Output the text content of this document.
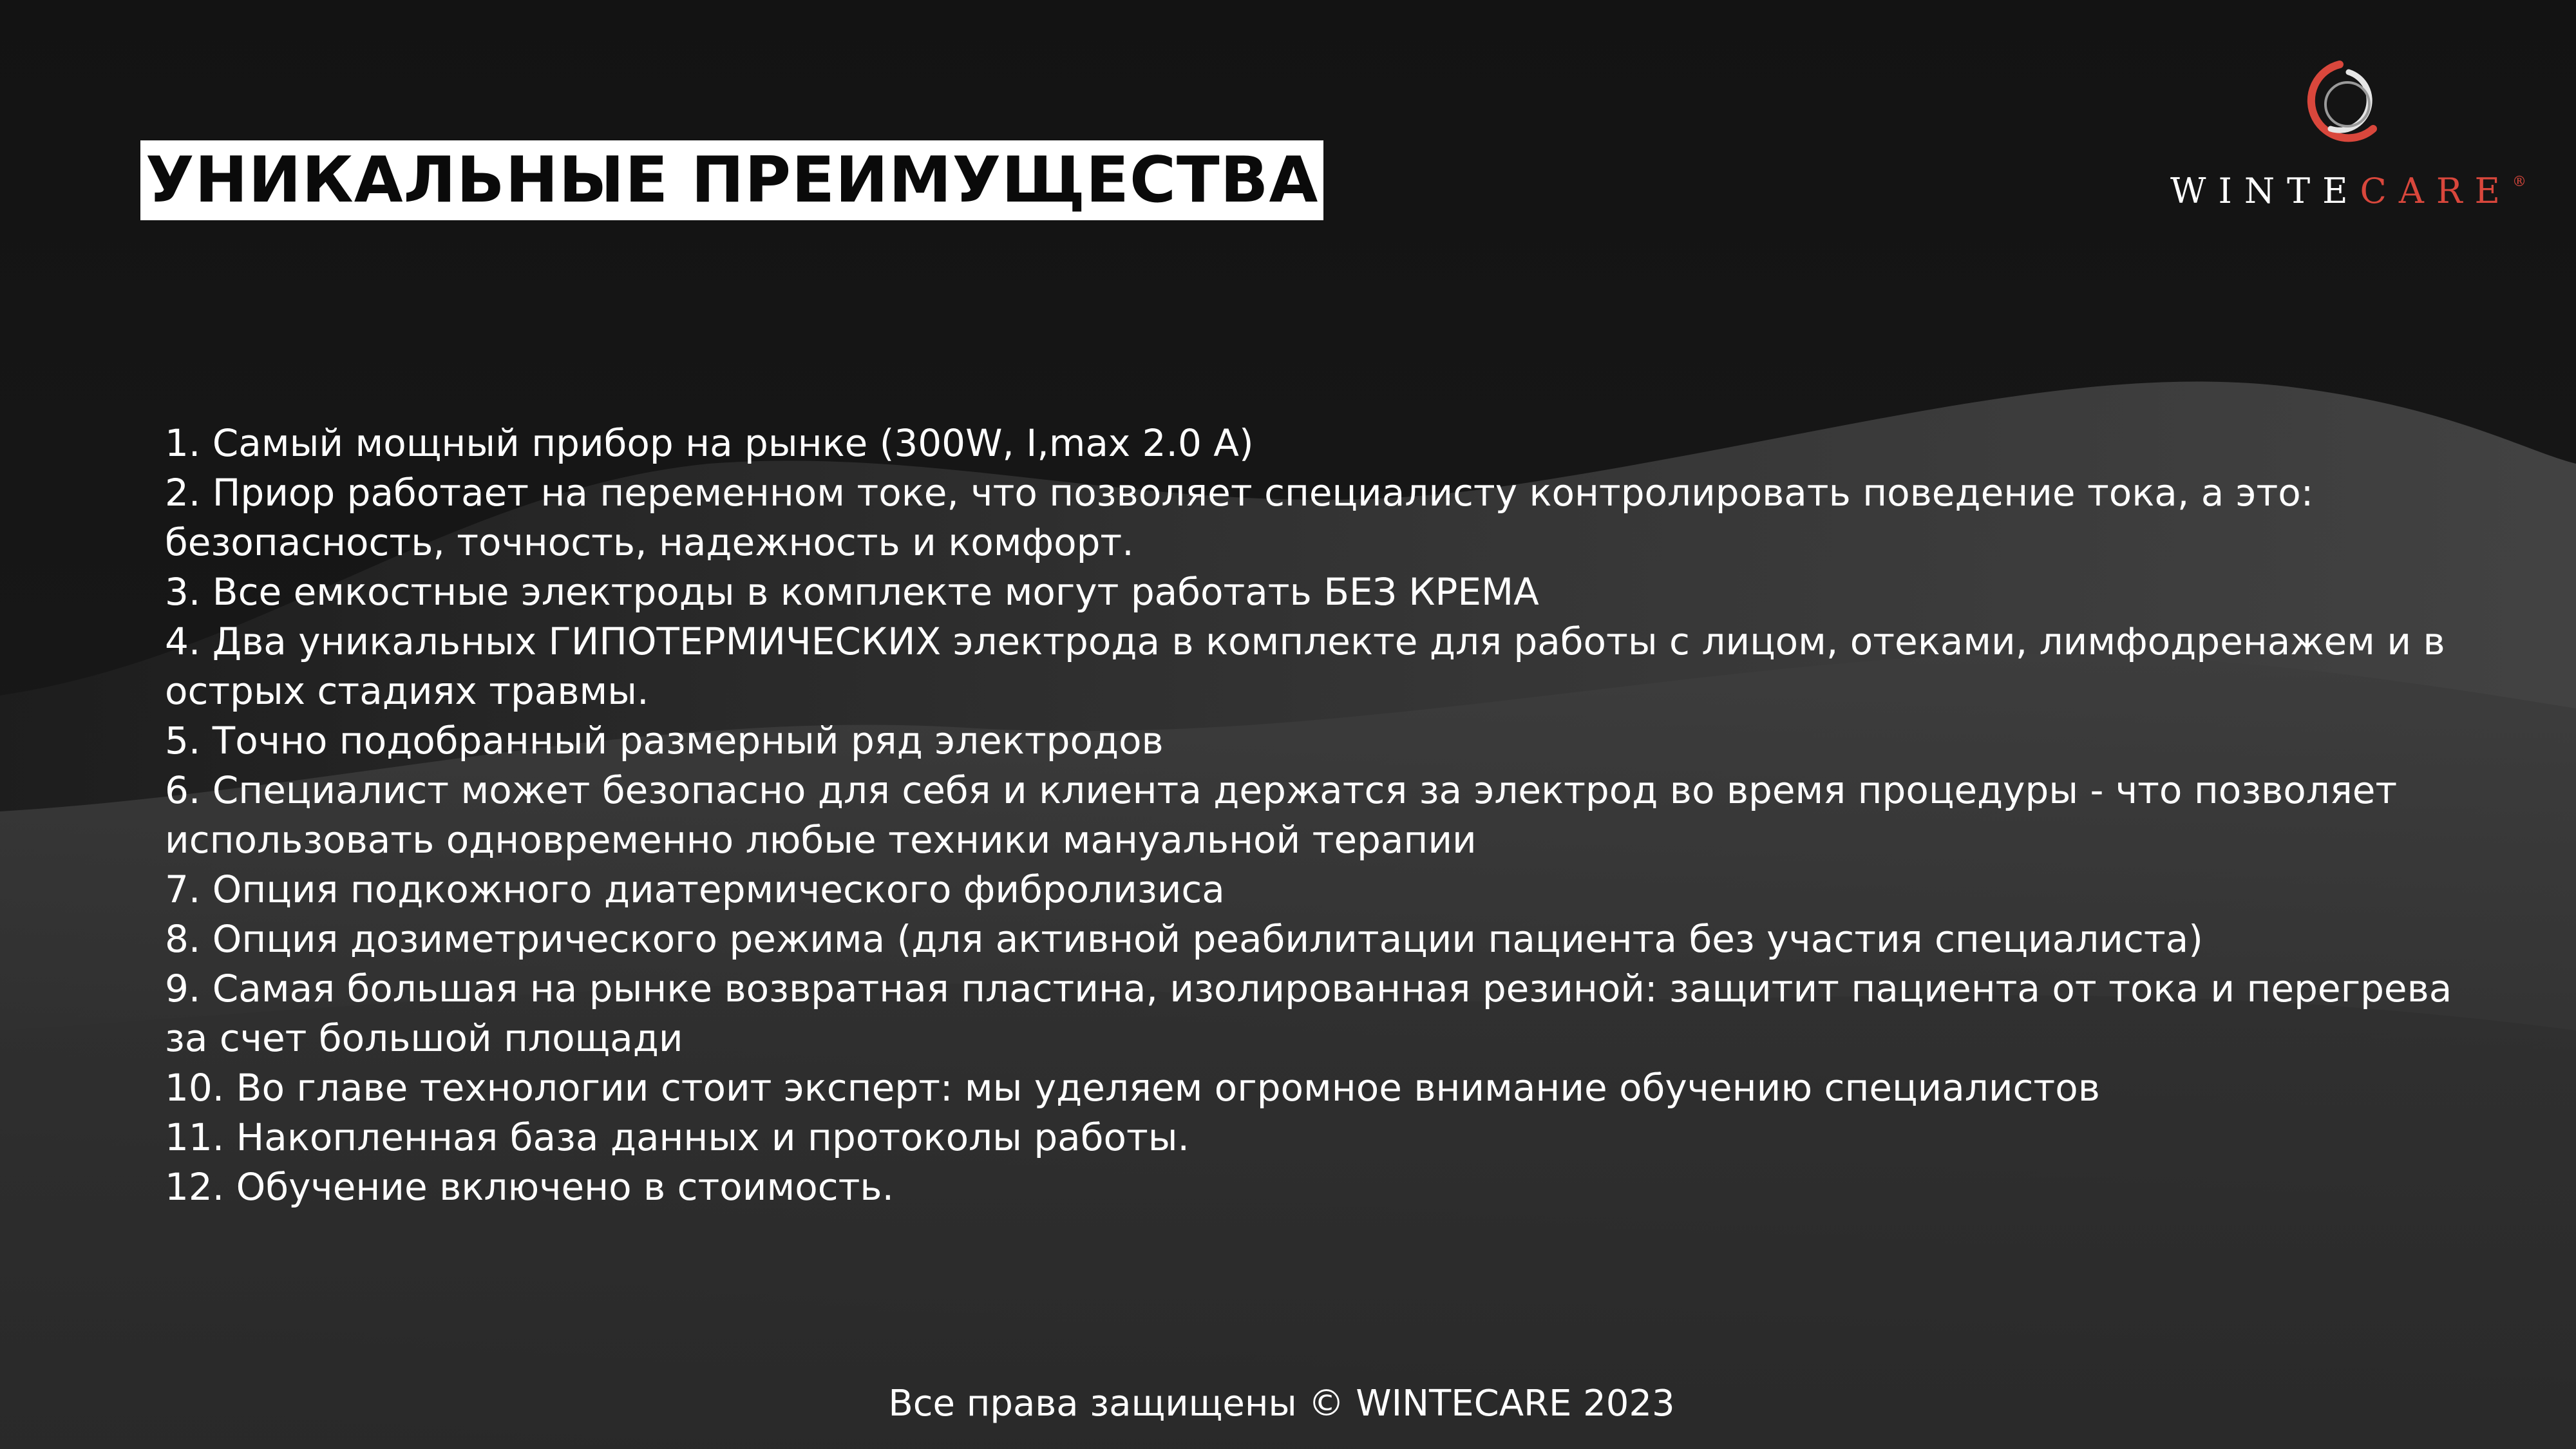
УНИКАЛЬНЫЕ ПРЕИМУЩЕСТВА	WINTECARE®
1. Самый мощный прибор на рынке (300W, I,max 2.0 A)
2. Приор работает на переменном токе, что позволяет специалисту контролировать поведение тока, а это: безопасность, точность, надежность и комфорт.
3. Все емкостные электроды в комплекте могут работать БЕЗ КРЕМА
4. Два уникальных ГИПОТЕРМИЧЕСКИХ электрода в комплекте для работы с лицом, отеками, лимфодренажем и в острых стадиях травмы.
5. Точно подобранный размерный ряд электродов
6. Специалист может безопасно для себя и клиента держатся за электрод во время процедуры - что позволяет использовать одновременно любые техники мануальной терапии
7. Опция подкожного диатермического фибролизиса
8. Опция дозиметрического режима (для активной реабилитации пациента без участия специалиста)
9. Самая большая на рынке возвратная пластина, изолированная резиной: защитит пациента от тока и перегрева за счет большой площади
10. Во главе технологии стоит эксперт: мы уделяем огромное внимание обучению специалистов
11. Накопленная база данных и протоколы работы.
12. Обучение включено в стоимость.
Все права защищены © WINTECARE 2023
